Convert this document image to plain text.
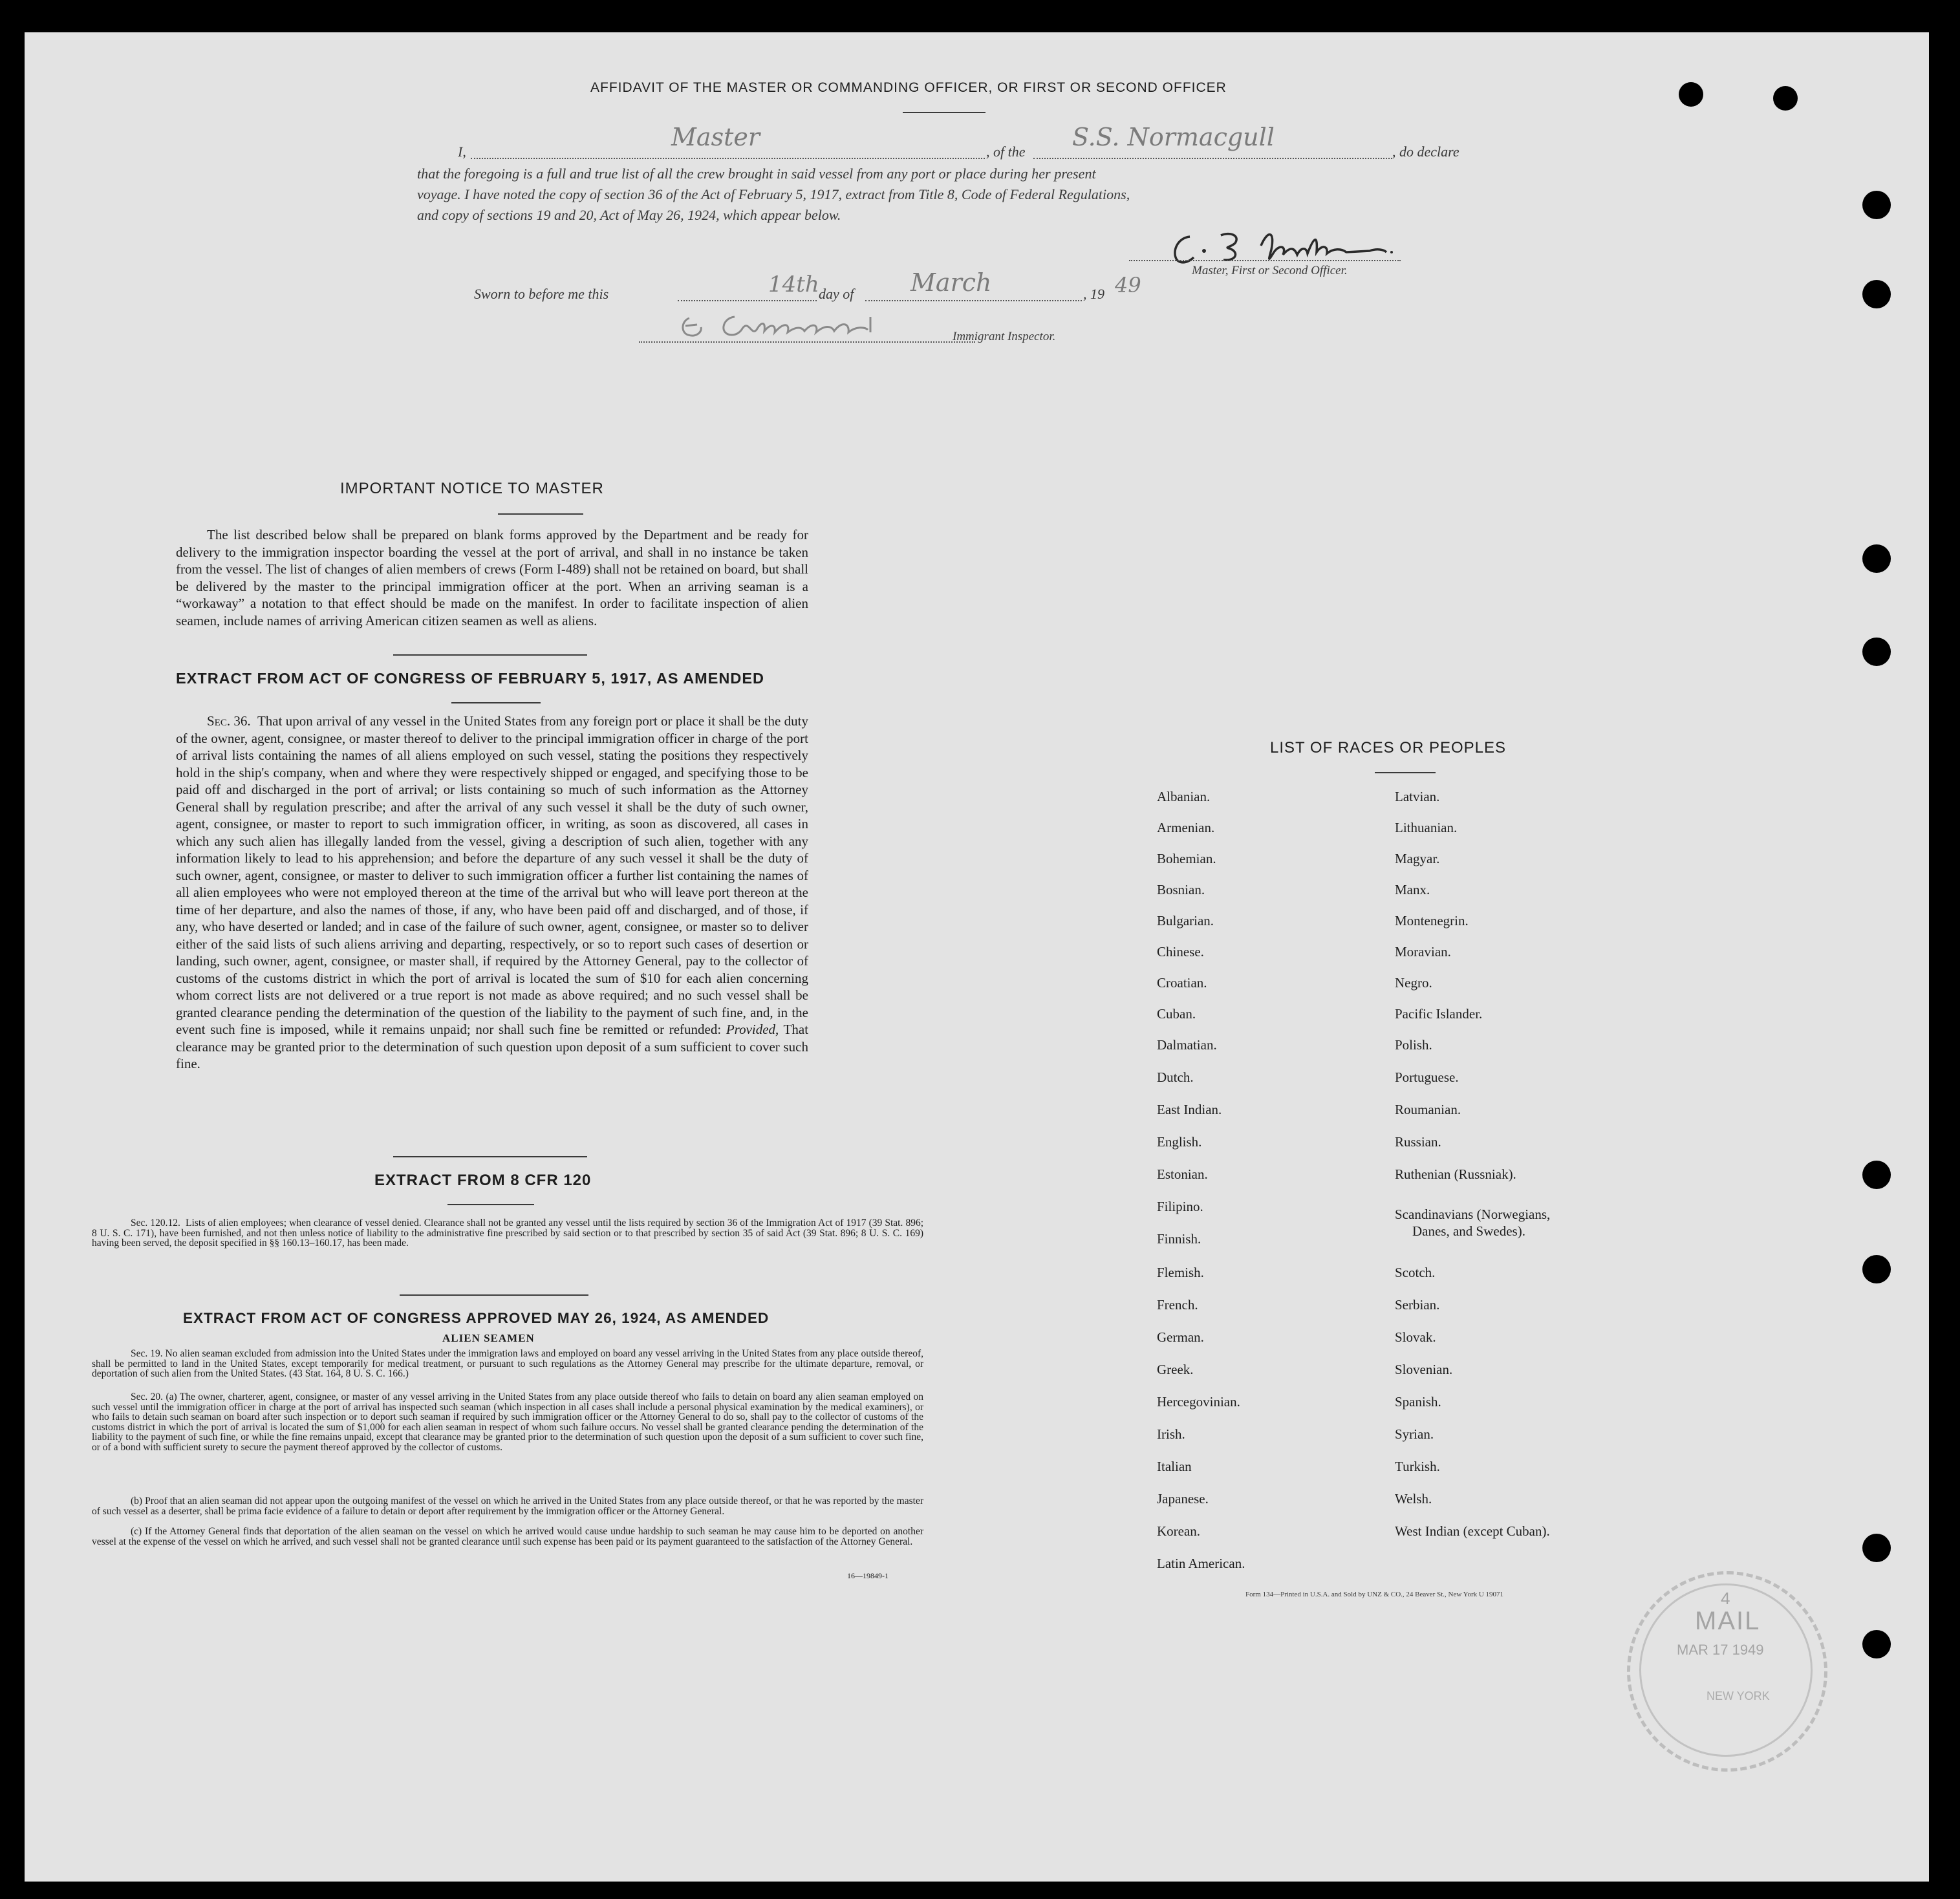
AFFIDAVIT OF THE MASTER OR COMMANDING OFFICER, OR FIRST OR SECOND OFFICER
I,
Master
, of the
S.S. Normacgull
, do declare
that the foregoing is a full and true list of all the crew brought in said vessel from any port or place during her present
voyage. I have noted the copy of section 36 of the Act of February 5, 1917, extract from Title 8, Code of Federal Regulations,
and copy of sections 19 and 20, Act of May 26, 1924, which appear below.
Master, First or Second Officer.
Sworn to before me this	14th day of March	, 19 49
Immigrant Inspector.
IMPORTANT NOTICE TO MASTER
The list described below shall be prepared on blank forms approved by the Department and be ready for delivery to the immigration inspector boarding the vessel at the port of arrival, and shall in no instance be taken from the vessel. The list of changes of alien members of crews (Form I-489) shall not be retained on board, but shall be delivered by the master to the principal immigration officer at the port. When an arriving seaman is a “workaway” a notation to that effect should be made on the manifest. In order to facilitate inspection of alien seamen, include names of arriving American citizen seamen as well as aliens.
EXTRACT FROM ACT OF CONGRESS OF FEBRUARY 5, 1917, AS AMENDED
Sec. 36. That upon arrival of any vessel in the United States from any foreign port or place it shall be the duty of the owner, agent, consignee, or master thereof to deliver to the principal immigration officer in charge of the port of arrival lists containing the names of all aliens employed on such vessel, stating the positions they respectively hold in the ship's company, when and where they were respectively shipped or engaged, and specifying those to be paid off and discharged in the port of arrival; or lists containing so much of such information as the Attorney General shall by regulation prescribe; and after the arrival of any such vessel it shall be the duty of such owner, agent, consignee, or master to report to such immigration officer, in writing, as soon as discovered, all cases in which any such alien has illegally landed from the vessel, giving a description of such alien, together with any information likely to lead to his apprehension; and before the departure of any such vessel it shall be the duty of such owner, agent, consignee, or master to deliver to such immigration officer a further list containing the names of all alien employees who were not employed thereon at the time of the arrival but who will leave port thereon at the time of her departure, and also the names of those, if any, who have been paid off and discharged, and of those, if any, who have deserted or landed; and in case of the failure of such owner, agent, consignee, or master so to deliver either of the said lists of such aliens arriving and departing, respectively, or so to report such cases of desertion or landing, such owner, agent, consignee, or master shall, if required by the Attorney General, pay to the collector of customs of the customs district in which the port of arrival is located the sum of $10 for each alien concerning whom correct lists are not delivered or a true report is not made as above required; and no such vessel shall be granted clearance pending the determination of the question of the liability to the payment of such fine, and, in the event such fine is imposed, while it remains unpaid; nor shall such fine be remitted or refunded: Provided, That clearance may be granted prior to the determination of such question upon deposit of a sum sufficient to cover such fine.
EXTRACT FROM 8 CFR 120
Sec. 120.12. Lists of alien employees; when clearance of vessel denied. Clearance shall not be granted any vessel until the lists required by section 36 of the Immigration Act of 1917 (39 Stat. 896; 8 U. S. C. 171), have been furnished, and not then unless notice of liability to the administrative fine prescribed by said section or to that prescribed by section 35 of said Act (39 Stat. 896; 8 U. S. C. 169) having been served, the deposit specified in §§ 160.13–160.17, has been made.
EXTRACT FROM ACT OF CONGRESS APPROVED MAY 26, 1924, AS AMENDED
ALIEN SEAMEN
Sec. 19. No alien seaman excluded from admission into the United States under the immigration laws and employed on board any vessel arriving in the United States from any place outside thereof, shall be permitted to land in the United States, except temporarily for medical treatment, or pursuant to such regulations as the Attorney General may prescribe for the ultimate departure, removal, or deportation of such alien from the United States. (43 Stat. 164, 8 U. S. C. 166.)
Sec. 20. (a) The owner, charterer, agent, consignee, or master of any vessel arriving in the United States from any place outside thereof who fails to detain on board any alien seaman employed on such vessel until the immigration officer in charge at the port of arrival has inspected such seaman (which inspection in all cases shall include a personal physical examination by the medical examiners), or who fails to detain such seaman on board after such inspection or to deport such seaman if required by such immigration officer or the Attorney General to do so, shall pay to the collector of customs of the customs district in which the port of arrival is located the sum of $1,000 for each alien seaman in respect of whom such failure occurs. No vessel shall be granted clearance pending the determination of the liability to the payment of such fine, or while the fine remains unpaid, except that clearance may be granted prior to the determination of such question upon the deposit of a sum sufficient to cover such fine, or of a bond with sufficient surety to secure the payment thereof approved by the collector of customs.
(b) Proof that an alien seaman did not appear upon the outgoing manifest of the vessel on which he arrived in the United States from any place outside thereof, or that he was reported by the master of such vessel as a deserter, shall be prima facie evidence of a failure to detain or deport after requirement by the immigration officer or the Attorney General.
(c) If the Attorney General finds that deportation of the alien seaman on the vessel on which he arrived would cause undue hardship to such seaman he may cause him to be deported on another vessel at the expense of the vessel on which he arrived, and such vessel shall not be granted clearance until such expense has been paid or its payment guaranteed to the satisfaction of the Attorney General.
16—19849-1
LIST OF RACES OR PEOPLES
Albanian.
Armenian.
Bohemian.
Bosnian.
Bulgarian.
Chinese.
Croatian.
Cuban.
Dalmatian.
Dutch.
East Indian.
English.
Estonian.
Filipino.
Finnish.
Flemish.
French.
German.
Greek.
Hercegovinian.
Irish.
Italian
Japanese.
Korean.
Latin American.
Latvian.
Lithuanian.
Magyar.
Manx.
Montenegrin.
Moravian.
Negro.
Pacific Islander.
Polish.
Portuguese.
Roumanian.
Russian.
Ruthenian (Russniak).
Scandinavians (Norwegians,
Danes, and Swedes).
Scotch.
Serbian.
Slovak.
Slovenian.
Spanish.
Syrian.
Turkish.
Welsh.
West Indian (except Cuban).
Form 134—Printed in U.S.A. and Sold by UNZ & CO., 24 Beaver St., New York U 19071	4
MAIL
MAR 17 1949
NEW YORK
